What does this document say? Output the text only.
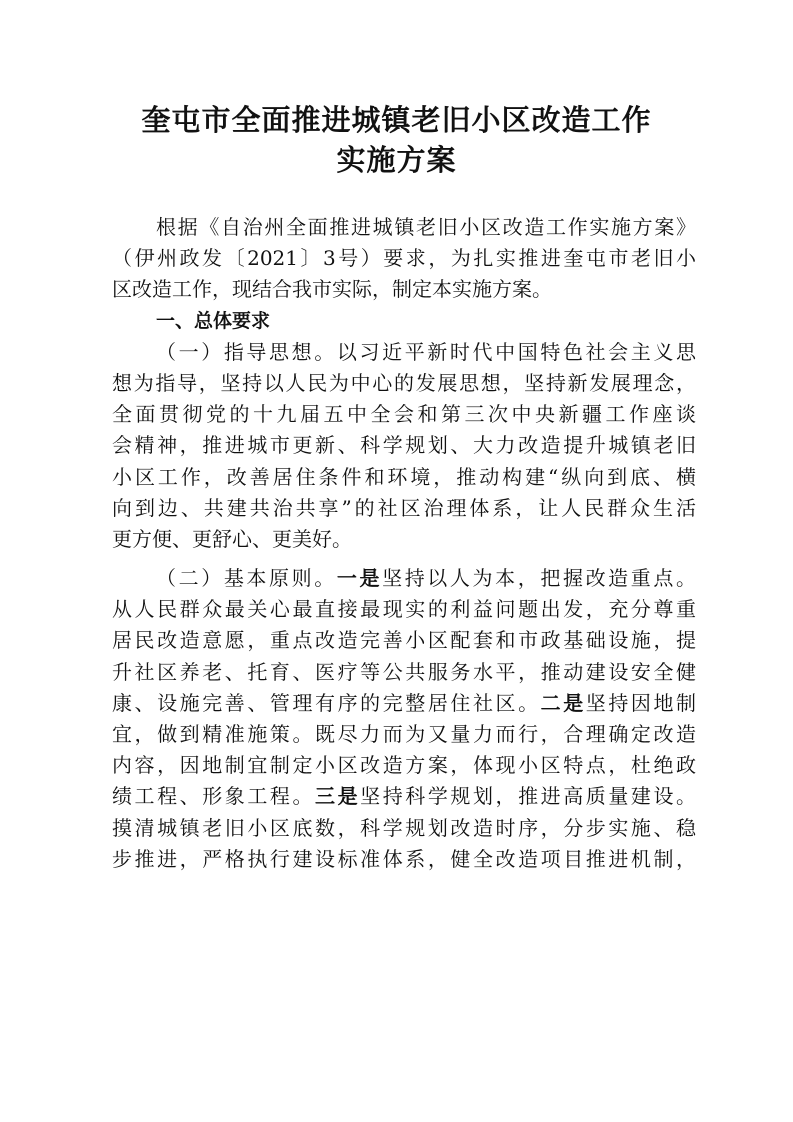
奎屯市全面推进城镇老旧小区改造工作
实施方案
根据《自治州全面推进城镇老旧小区改造工作实施方案》
（伊州政发〔2021〕3号）要求，为扎实推进奎屯市老旧小
区改造工作，现结合我市实际，制定本实施方案。
一、总体要求
（一）指导思想。以习近平新时代中国特色社会主义思
想为指导，坚持以人民为中心的发展思想，坚持新发展理念，
全面贯彻党的十九届五中全会和第三次中央新疆工作座谈
会精神，推进城市更新、科学规划、大力改造提升城镇老旧
小区工作，改善居住条件和环境，推动构建“纵向到底、横
向到边、共建共治共享”的社区治理体系，让人民群众生活
更方便、更舒心、更美好。
（二）基本原则。一是坚持以人为本，把握改造重点。
从人民群众最关心最直接最现实的利益问题出发，充分尊重
居民改造意愿，重点改造完善小区配套和市政基础设施，提
升社区养老、托育、医疗等公共服务水平，推动建设安全健
康、设施完善、管理有序的完整居住社区。二是坚持因地制
宜，做到精准施策。既尽力而为又量力而行，合理确定改造
内容，因地制宜制定小区改造方案，体现小区特点，杜绝政
绩工程、形象工程。三是坚持科学规划，推进高质量建设。
摸清城镇老旧小区底数，科学规划改造时序，分步实施、稳
步推进，严格执行建设标准体系，健全改造项目推进机制，
